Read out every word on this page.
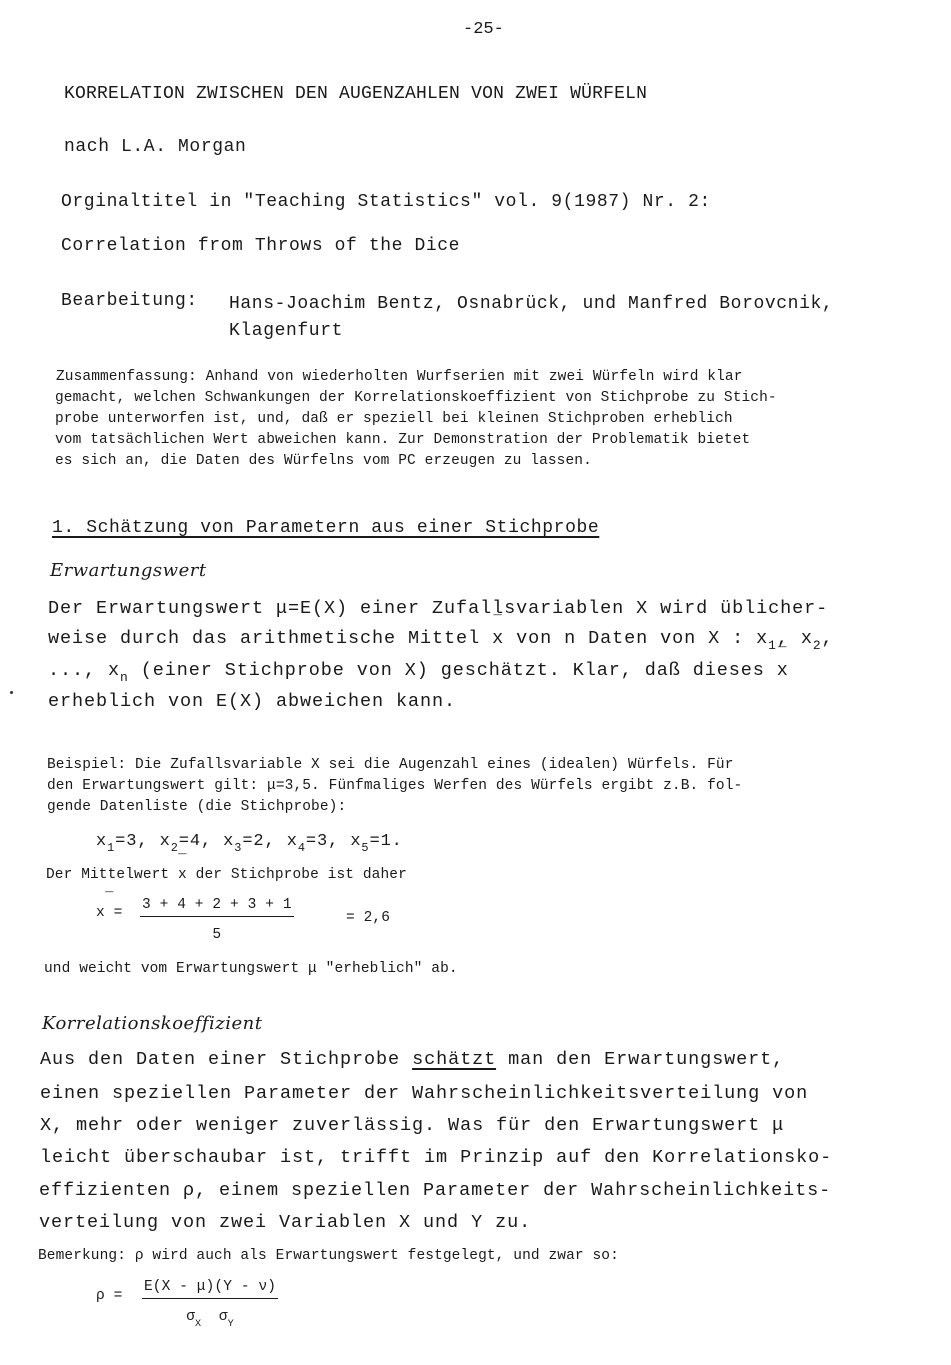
-25-
KORRELATION ZWISCHEN DEN AUGENZAHLEN VON ZWEI WÜRFELN
nach L.A. Morgan
Orginaltitel in "Teaching Statistics" vol. 9(1987) Nr. 2:
Correlation from Throws of the Dice
Bearbeitung: Hans-Joachim Bentz, Osnabrück, und Manfred Borovcnik,
Klagenfurt
Zusammenfassung: Anhand von wiederholten Wurfserien mit zwei Würfeln wird klar
gemacht, welchen Schwankungen der Korrelationskoeffizient von Stichprobe zu Stich-
probe unterworfen ist, und, daß er speziell bei kleinen Stichproben erheblich
vom tatsächlichen Wert abweichen kann. Zur Demonstration der Problematik bietet
es sich an, die Daten des Würfelns vom PC erzeugen zu lassen.
1. Schätzung von Parametern aus einer Stichprobe
Erwartungswert
Der Erwartungswert μ=E(X) einer Zufallsvariablen X wird üblicher-
weise durch das arithmetische Mittel ‾ x von n Daten von X : $x_1$, $x_2$,
..., $x_n$ (einer Stichprobe von X) geschätzt. Klar, daß dieses ‾ x
erheblich von E(X) abweichen kann.
Beispiel: Die Zufallsvariable X sei die Augenzahl eines (idealen) Würfels. Für
den Erwartungswert gilt: μ=3,5. Fünfmaliges Werfen des Würfels ergibt z.B. fol-
gende Datenliste (die Stichprobe):
$x_1=3$, $x_2=4$, $x_3=2$, $x_4=3$, $x_5=1$.
Der Mittelwert ‾ x der Stichprobe ist daher
‾ $x = \frac{3 + 4 + 2 + 3 + 1}{5}$	= 2,6
und weicht vom Erwartungswert μ "erheblich" ab.
Korrelationskoeffizient
Aus den Daten einer Stichprobe schätzt man den Erwartungswert,
einen speziellen Parameter der Wahrscheinlichkeitsverteilung von
X, mehr oder weniger zuverlässig. Was für den Erwartungswert μ
leicht überschaubar ist, trifft im Prinzip auf den Korrelationsko-
effizienten ρ, einem speziellen Parameter der Wahrscheinlichkeits-
verteilung von zwei Variablen X und Y zu.
Bemerkung: ρ wird auch als Erwartungswert festgelegt, und zwar so:
$\rho = \frac{E(X - \mu)(Y - \nu)}{\sigma_X \sigma_Y}$
